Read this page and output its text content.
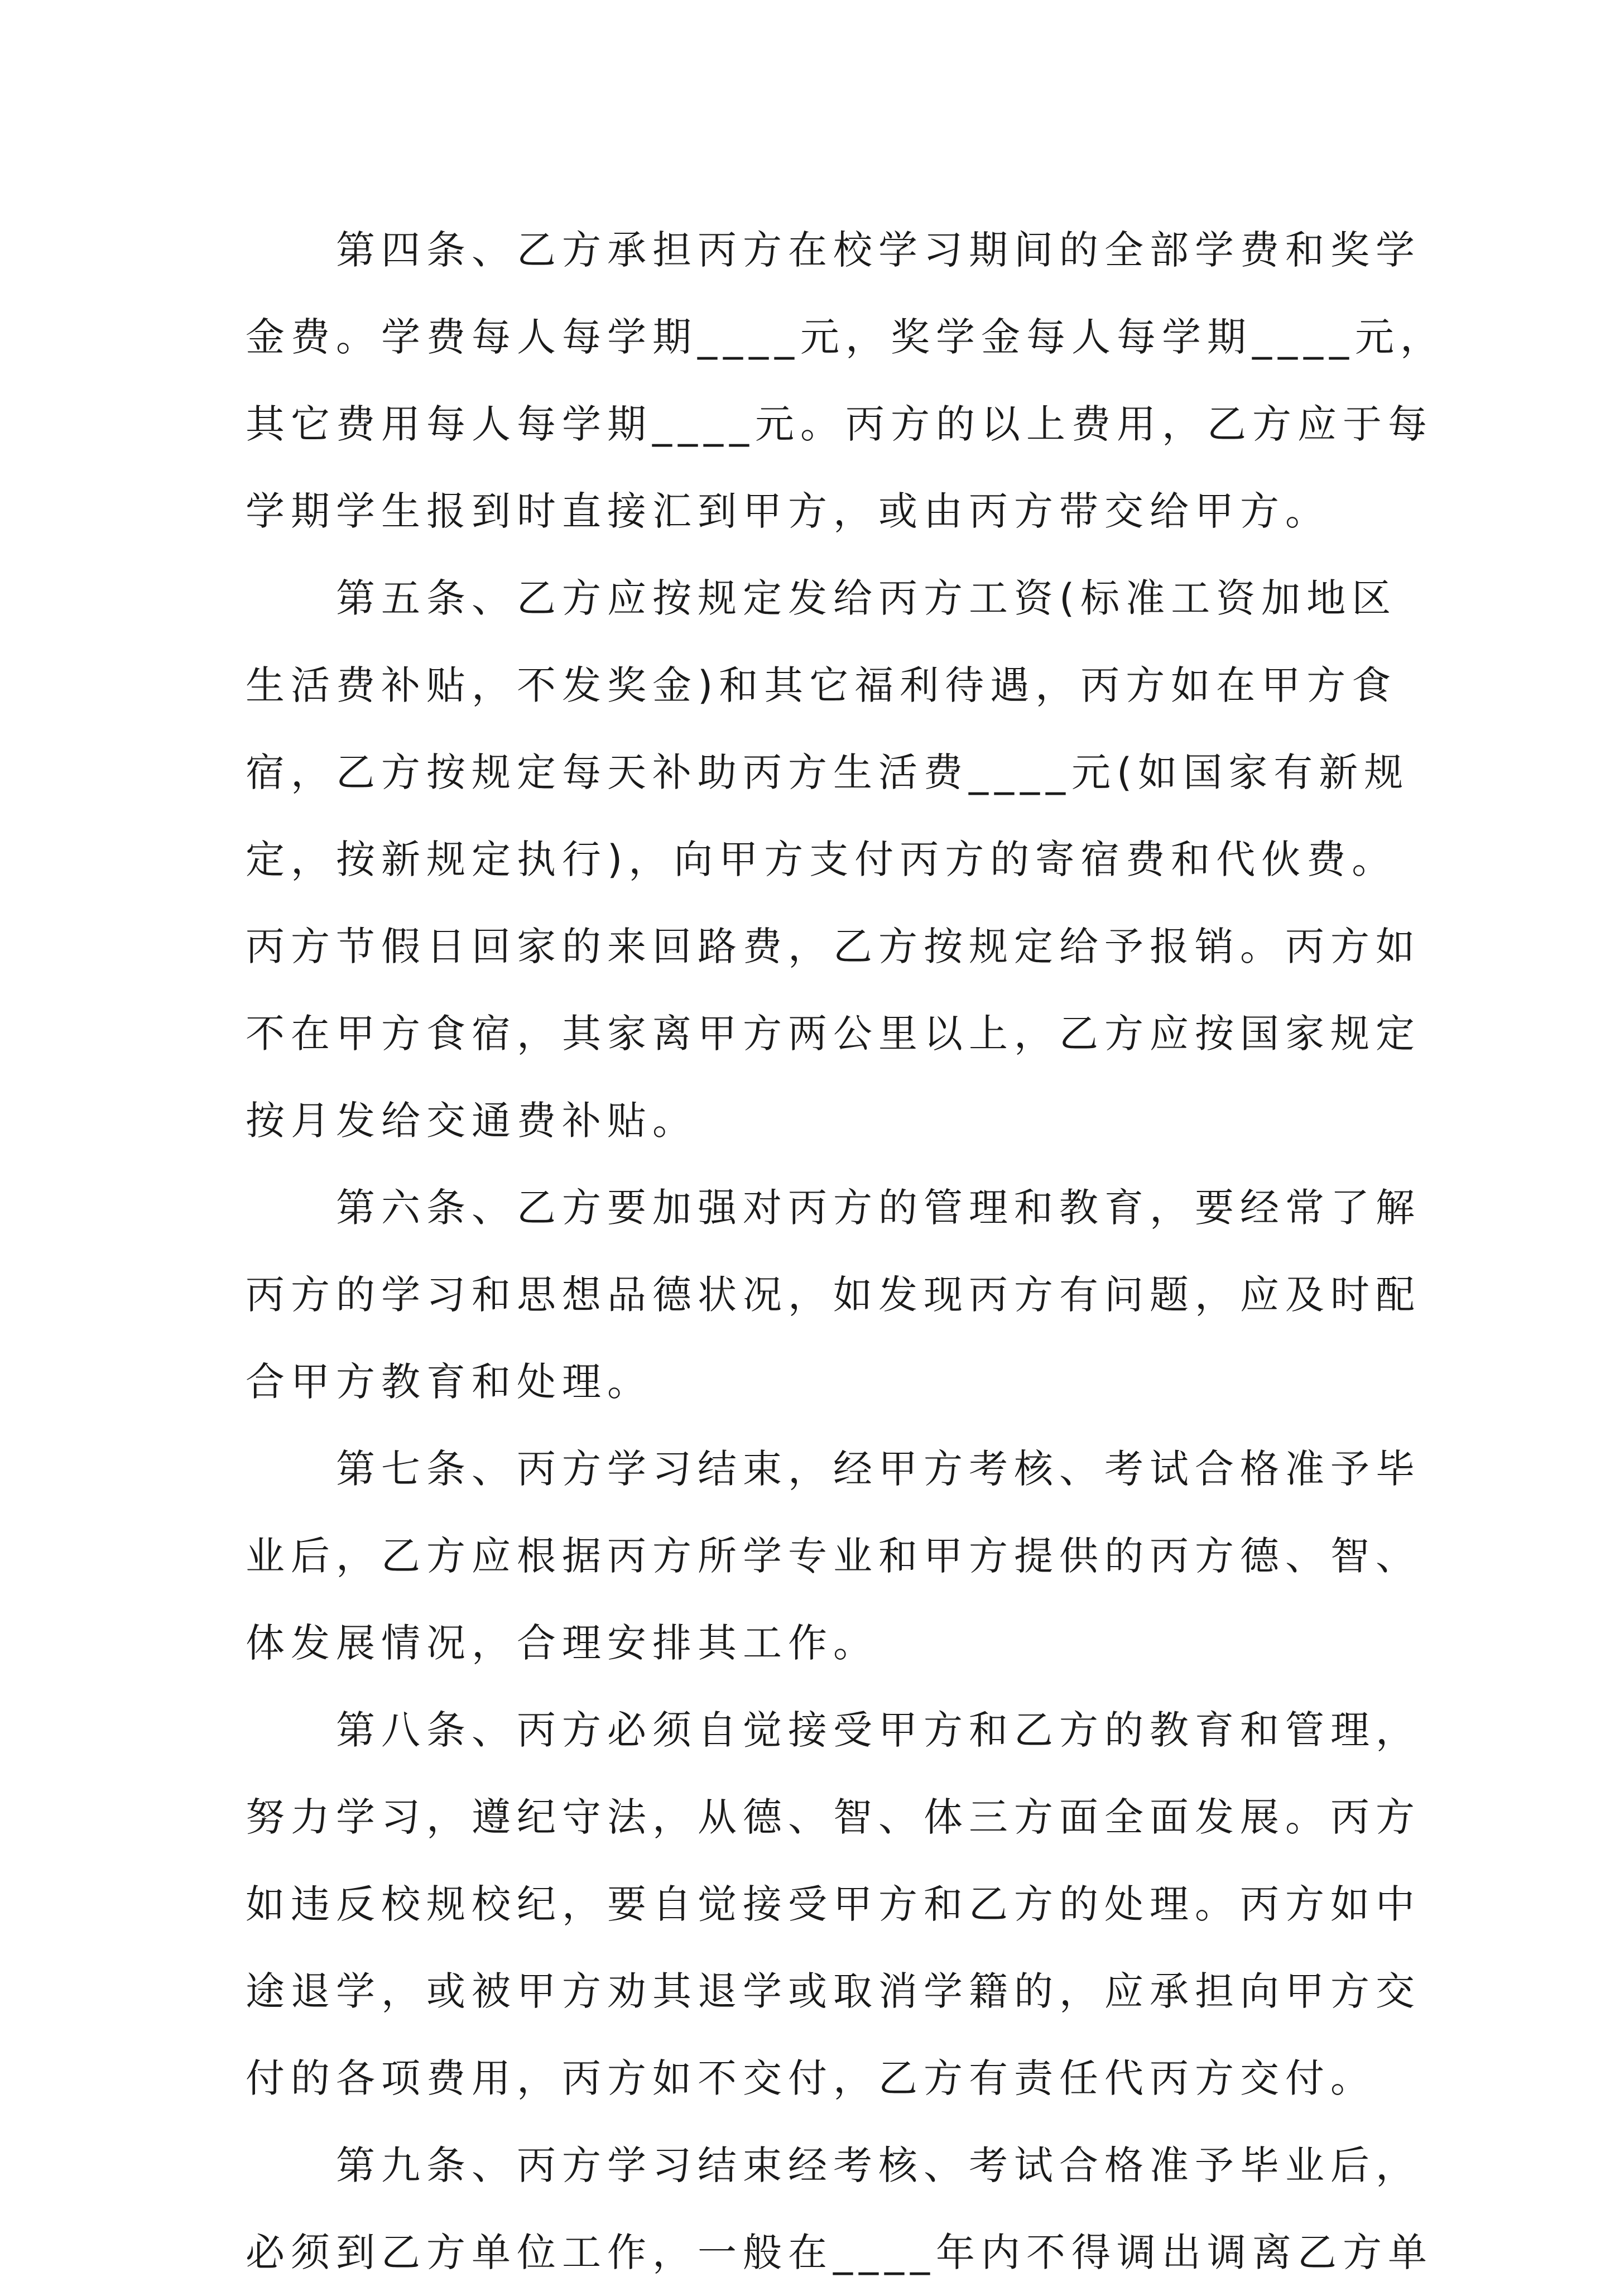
第四条、乙方承担丙方在校学习期间的全部学费和奖学
金费。学费每人每学期____元，奖学金每人每学期____元，
其它费用每人每学期____元。丙方的以上费用，乙方应于每
学期学生报到时直接汇到甲方，或由丙方带交给甲方。
第五条、乙方应按规定发给丙方工资(标准工资加地区
生活费补贴，不发奖金)和其它福利待遇，丙方如在甲方食
宿，乙方按规定每天补助丙方生活费____元(如国家有新规
定，按新规定执行)，向甲方支付丙方的寄宿费和代伙费。
丙方节假日回家的来回路费，乙方按规定给予报销。丙方如
不在甲方食宿，其家离甲方两公里以上，乙方应按国家规定
按月发给交通费补贴。
第六条、乙方要加强对丙方的管理和教育，要经常了解
丙方的学习和思想品德状况，如发现丙方有问题，应及时配
合甲方教育和处理。
第七条、丙方学习结束，经甲方考核、考试合格准予毕
业后，乙方应根据丙方所学专业和甲方提供的丙方德、智、
体发展情况，合理安排其工作。
第八条、丙方必须自觉接受甲方和乙方的教育和管理，
努力学习，遵纪守法，从德、智、体三方面全面发展。丙方
如违反校规校纪，要自觉接受甲方和乙方的处理。丙方如中
途退学，或被甲方劝其退学或取消学籍的，应承担向甲方交
付的各项费用，丙方如不交付，乙方有责任代丙方交付。
第九条、丙方学习结束经考核、考试合格准予毕业后，
必须到乙方单位工作，一般在____年内不得调出调离乙方单
